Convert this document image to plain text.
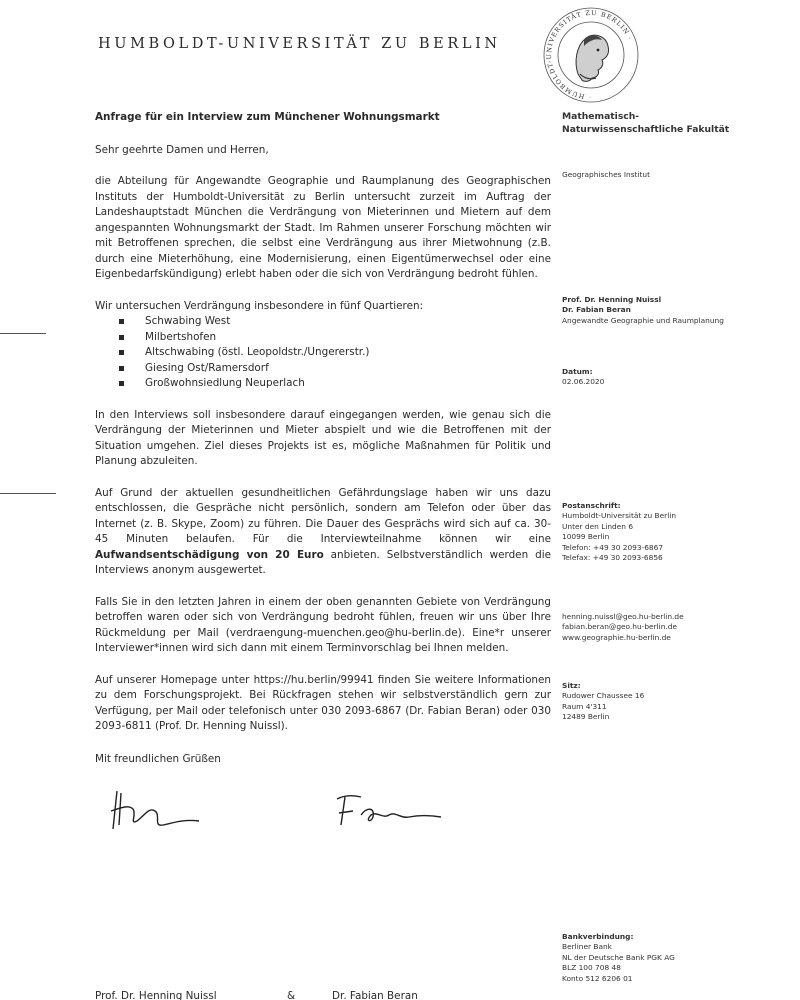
HUMBOLDT-UNIVERSITÄT ZU BERLIN
· HUMBOLDT-UNIVERSITÄT ZU BERLIN ·
Anfrage für ein Interview zum Münchener Wohnungsmarkt
Sehr geehrte Damen und Herren,
die Abteilung für Angewandte Geographie und Raumplanung des Geographischen Instituts der Humboldt-Universität zu Berlin untersucht zurzeit im Auftrag der Landeshauptstadt München die Verdrängung von Mieterinnen und Mietern auf dem angespannten Wohnungsmarkt der Stadt. Im Rahmen unserer Forschung möchten wir mit Betroffenen sprechen, die selbst eine Verdrängung aus ihrer Mietwohnung (z.B. durch eine Mieterhöhung, eine Modernisierung, einen Eigentümerwechsel oder eine Eigenbedarfskündigung) erlebt haben oder die sich von Verdrängung bedroht fühlen.
Wir untersuchen Verdrängung insbesondere in fünf Quartieren:
Schwabing West
Milbertshofen
Altschwabing (östl. Leopoldstr./Ungererstr.)
Giesing Ost/Ramersdorf
Großwohnsiedlung Neuperlach
In den Interviews soll insbesondere darauf eingegangen werden, wie genau sich die Verdrängung der Mieterinnen und Mieter abspielt und wie die Betroffenen mit der Situation umgehen. Ziel dieses Projekts ist es, mögliche Maßnahmen für Politik und Planung abzuleiten.
Auf Grund der aktuellen gesundheitlichen Gefährdungslage haben wir uns dazu entschlossen, die Gespräche nicht persönlich, sondern am Telefon oder über das Internet (z. B. Skype, Zoom) zu führen. Die Dauer des Gesprächs wird sich auf ca. 30-45 Minuten belaufen. Für die Interviewteilnahme können wir eine Aufwandsentschädigung von 20 Euro anbieten. Selbstverständlich werden die Interviews anonym ausgewertet.
Falls Sie in den letzten Jahren in einem der oben genannten Gebiete von Verdrängung betroffen waren oder sich von Verdrängung bedroht fühlen, freuen wir uns über Ihre Rückmeldung per Mail (verdraengung-muenchen.geo@hu-berlin.de). Eine*r unserer Interviewer*innen wird sich dann mit einem Terminvorschlag bei Ihnen melden.
Auf unserer Homepage unter https://hu.berlin/99941 finden Sie weitere Informationen zu dem Forschungsprojekt. Bei Rückfragen stehen wir selbstverständlich gern zur Verfügung, per Mail oder telefonisch unter 030 2093-6867 (Dr. Fabian Beran) oder 030 2093-6811 (Prof. Dr. Henning Nuissl).
Mit freundlichen Grüßen
Prof. Dr. Henning Nuissl	&	Dr. Fabian Beran
Mathematisch-Naturwissenschaftliche Fakultät
Geographisches Institut
Prof. Dr. Henning Nuissl
Dr. Fabian Beran
Angewandte Geographie und Raumplanung
Datum:
02.06.2020
Postanschrift:
Humboldt-Universität zu Berlin
Unter den Linden 6
10099 Berlin
Telefon: +49 30 2093-6867
Telefax: +49 30 2093-6856
henning.nuissl@geo.hu-berlin.de
fabian.beran@geo.hu-berlin.de
www.geographie.hu-berlin.de
Sitz:
Rudower Chaussee 16
Raum 4'311
12489 Berlin
Bankverbindung:
Berliner Bank
NL der Deutsche Bank PGK AG
BLZ 100 708 48
Konto 512 6206 01
